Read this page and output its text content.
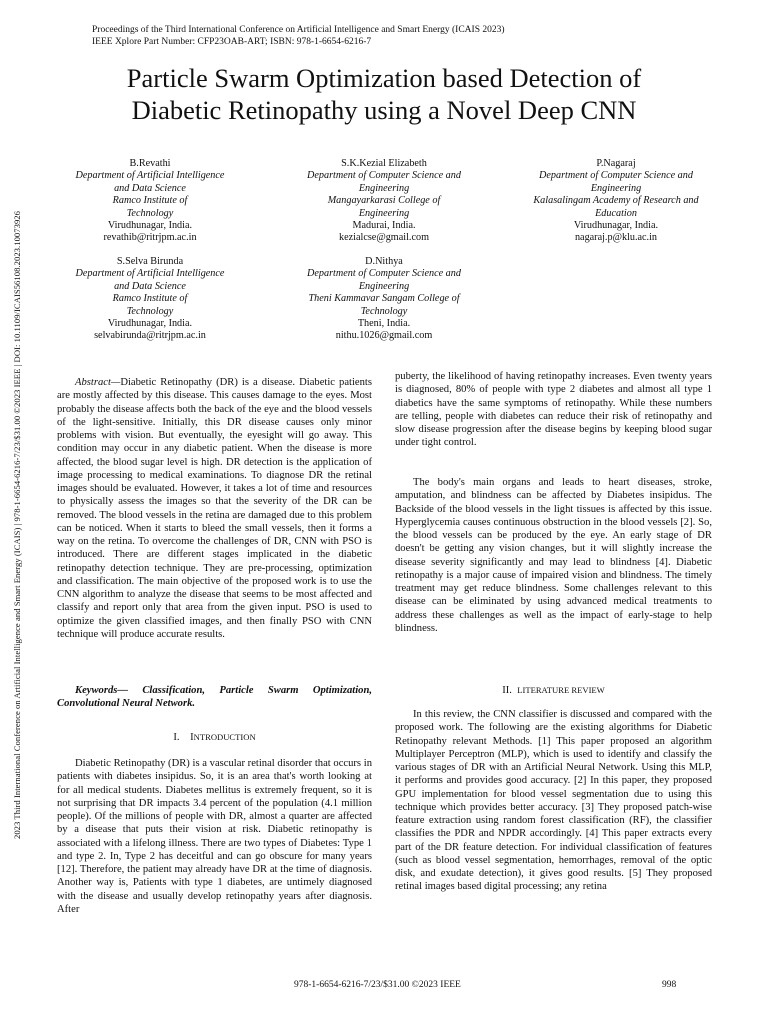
Proceedings of the Third International Conference on Artificial Intelligence and Smart Energy (ICAIS 2023)
IEEE Xplore Part Number: CFP23OAB-ART; ISBN: 978-1-6654-6216-7
Particle Swarm Optimization based Detection of
Diabetic Retinopathy using a Novel Deep CNN
2023 Third International Conference on Artificial Intelligence and Smart Energy (ICAIS) | 978-1-6654-6216-7/23/$31.00 ©2023 IEEE | DOI: 10.1109/ICAIS56108.2023.10073926
B.Revathi
Department of Artificial Intelligence
and Data Science
Ramco Institute of
Technology
Virudhunagar, India.
revathib@ritrjpm.ac.in
S.K.Kezial Elizabeth
Department of Computer Science and
Engineering
Mangayarkarasi College of
Engineering
Madurai, India.
kezialcse@gmail.com
P.Nagaraj
Department of Computer Science and
Engineering
Kalasalingam Academy of Research and
Education
Virudhunagar, India.
nagaraj.p@klu.ac.in
S.Selva Birunda
Department of Artificial Intelligence
and Data Science
Ramco Institute of
Technology
Virudhunagar, India.
selvabirunda@ritrjpm.ac.in
D.Nithya
Department of Computer Science and
Engineering
Theni Kammavar Sangam College of
Technology
Theni, India.
nithu.1026@gmail.com

Abstract—Diabetic Retinopathy (DR) is a disease. Diabetic patients are mostly affected by this disease. This causes damage to the eyes. Most probably the disease affects both the back of the eye and the blood vessels of the light-sensitive. Initially, this DR disease causes only minor problems with vision. But eventually, the eyesight will go away. This condition may occur in any diabetic patient. When the disease is more affected, the blood sugar level is high. DR detection is the application of image processing to medical examinations. To diagnose DR the retinal images should be evaluated. However, it takes a lot of time and resources to physically assess the images so that the severity of the DR can be removed. The blood vessels in the retina are damaged due to this problem can be noticed. When it starts to bleed the small vessels, then it forms a way on the retina. To overcome the challenges of DR, CNN with PSO is introduced. There are different stages implicated in the diabetic retinopathy detection technique. They are pre-processing, optimization and classification. The main objective of the proposed work is to use the CNN algorithm to analyze the disease that seems to be most affected and classify and report only that area from the given input. PSO is used to optimize the given classified images, and then finally PSO with CNN technique will produce accurate results.

Keywords— Classification, Particle Swarm Optimization, Convolutional Neural Network.

I. INTRODUCTION

Diabetic Retinopathy (DR) is a vascular retinal disorder that occurs in patients with diabetes insipidus. So, it is an area that's worth looking at for all medical students. Diabetes mellitus is extremely frequent, so it is not surprising that DR impacts 3.4 percent of the population (4.1 million people). Of the millions of people with DR, almost a quarter are affected by a disease that puts their vision at risk. Diabetic retinopathy is associated with a lifelong illness. There are two types of Diabetes: Type 1 and type 2. In, Type 2 has deceitful and can go obscure for many years [12]. Therefore, the patient may already have DR at the time of diagnosis. Another way is, Patients with type 1 diabetes, are untimely diagnosed with the disease and usually develop retinopathy years after diagnosis. After

puberty, the likelihood of having retinopathy increases. Even twenty years is diagnosed, 80% of people with type 2 diabetes and almost all type 1 diabetics have the same symptoms of retinopathy. While these numbers are telling, people with diabetes can reduce their risk of retinopathy and slow disease progression after the disease begins by keeping blood sugar under tight control.

The body's main organs and leads to heart diseases, stroke, amputation, and blindness can be affected by Diabetes insipidus. The Backside of the blood vessels in the light tissues is affected by this issue. Hyperglycemia causes continuous obstruction in the blood vessels [2]. So, the blood vessels can be produced by the eye. An early stage of DR doesn't be getting any vision changes, but it will slightly increase the disease severity significantly and may lead to blindness [4]. Diabetic retinopathy is a major cause of impaired vision and blindness. The timely treatment may get reduce blindness. Some challenges relevant to this disease can be eliminated by using advanced medical treatments to address these challenges as well as the impact of early-stage to help blindness.

II. LITERATURE REVIEW

In this review, the CNN classifier is discussed and compared with the proposed work. The following are the existing algorithms for Diabetic Retinopathy relevant Methods. [1] This paper proposed an algorithm Multiplayer Perceptron (MLP), which is used to identify and classify the various stages of DR with an Artificial Neural Network. Using this MLP, it performs and provides good accuracy. [2] In this paper, they proposed GPU implementation for blood vessel segmentation due to using this technique which provides better accuracy. [3] They proposed patch-wise feature extraction using random forest classification (RF), the classifier classifies the PDR and NPDR accordingly. [4] This paper extracts every part of the DR feature detection. For individual classification of features (such as blood vessel segmentation, hemorrhages, removal of the optic disk, and exudate detection), it gives good results. [5] They proposed retinal images based digital processing; any retina

978-1-6654-6216-7/23/$31.00 ©2023 IEEE	998
